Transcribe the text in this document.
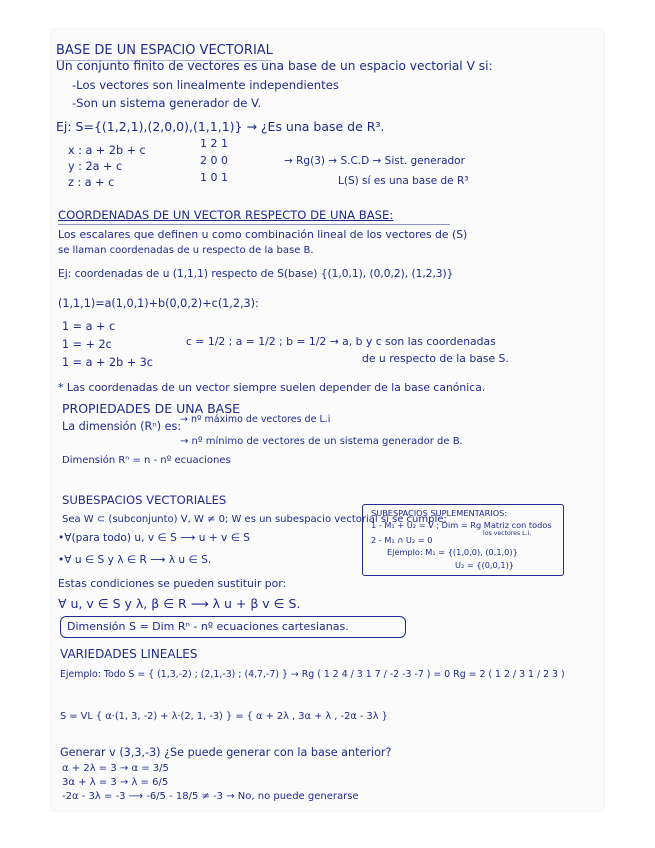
BASE DE UN ESPACIO VECTORIAL
Un conjunto finito de vectores es una base de un espacio vectorial V si:
-Los vectores son linealmente independientes
-Son un sistema generador de V.
Ej: S={(1,2,1),(2,0,0),(1,1,1)} → ¿Es una base de R³.
x : a + 2b + c
y : 2a + c
z : a + c
→ Rg(3) → S.C.D → Sist. generador
L(S) sí es una base de R³
COORDENADAS DE UN VECTOR RESPECTO DE UNA BASE:
Los escalares que definen u como combinación lineal de los vectores de (S)
se llaman coordenadas de u respecto de la base B.
Ej: coordenadas de u (1,1,1) respecto de S(base) {(1,0,1), (0,0,2), (1,2,3)}
(1,1,1)=a(1,0,1)+b(0,0,2)+c(1,2,3):
1 = a + c
1 = + 2c
1 = a + 2b + 3c
c = 1/2 ; a = 1/2 ; b = 1/2 → a, b y c son las coordenadas
de u respecto de la base S.
* Las coordenadas de un vector siempre suelen depender de la base canónica.
PROPIEDADES DE UNA BASE
La dimensión (Rⁿ) es:
→ nº máximo de vectores de L.i
→ nº mínimo de vectores de un sistema generador de B.
Dimensión Rⁿ = n - nº ecuaciones
SUBESPACIOS VECTORIALES
Sea W ⊂ (subconjunto) V, W ≠ 0; W es un subespacio vectorial si se cumple:
•∀(para todo) u, v ∈ S ⟶ u + v ∈ S
•∀ u ∈ S y λ ∈ R ⟶ λ u ∈ S.
Estas condiciones se pueden sustituir por:
∀ u, v ∈ S y λ, β ∈ R ⟶ λ u + β v ∈ S.
VARIEDADES LINEALES
Ejemplo: Todo S = { (1,3,-2) ; (2,1,-3) ; (4,7,-7) } → Rg ( 1 2 4 / 3 1 7 / -2 -3 -7 ) = 0 Rg = 2 ( 1 2 / 3 1 / 2 3 )
S = VL { α·(1, 3, -2) + λ·(2, 1, -3) } = { α + 2λ , 3α + λ , -2α - 3λ }
Generar v (3,3,-3) ¿Se puede generar con la base anterior?
α + 2λ = 3 → α = 3/5
3α + λ = 3 → λ = 6/5
-2α - 3λ = -3 ⟶ -6/5 - 18/5 ≠ -3 → No, no puede generarse
1 2 1
2 0 0
1 0 1
SUBESPACIOS SUPLEMENTARIOS:
1 - M₁ + U₂ = V ; Dim = Rg Matriz con todos
los vectores L.i.
2 - M₁ ∩ U₂ = 0
Ejemplo: M₁ = {(1,0,0), (0,1,0)}
U₂ = {(0,0,1)}
Dimensión S = Dim Rⁿ - nº ecuaciones cartesianas.
